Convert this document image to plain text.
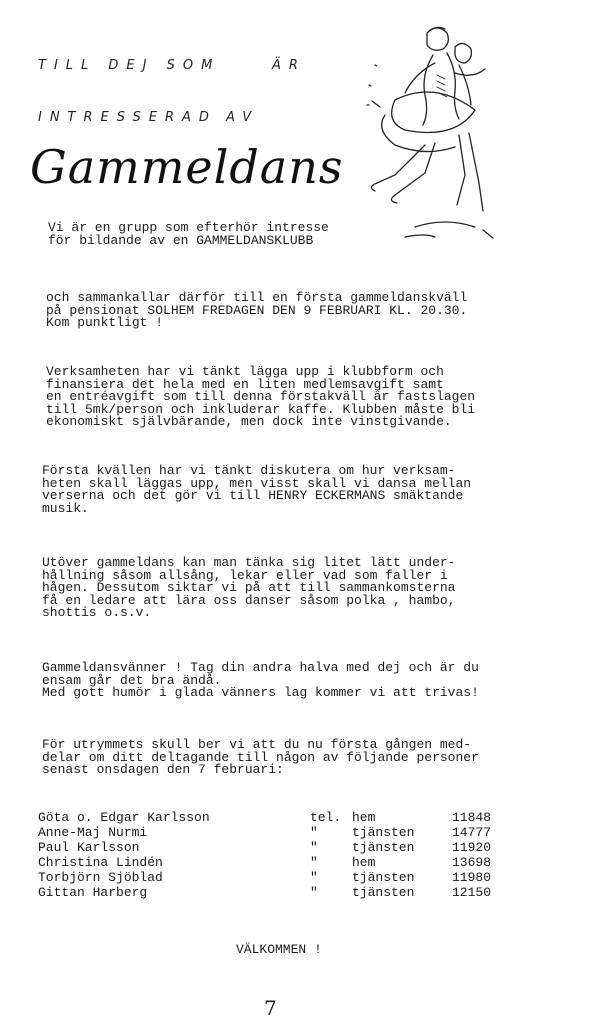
TILL DEJ SOM	ÄR
INTRESSERAD AV
Gammeldans
Vi är en grupp som efterhör intresse
för bildande av en GAMMELDANSKLUBB
och sammankallar därför till en första gammeldanskväll
på pensionat SOLHEM FREDAGEN DEN 9 FEBRUARI KL. 20.30.
Kom punktligt !
Verksamheten har vi tänkt lägga upp i klubbform och
finansiera det hela med en liten medlemsavgift samt
en entréavgift som till denna förstakväll är fastslagen
till 5mk/person och inkluderar kaffe. Klubben måste bli
ekonomiskt självbärande, men dock inte vinstgivande.
Första kvällen har vi tänkt diskutera om hur verksam-
heten skall läggas upp, men visst skall vi dansa mellan
verserna och det gör vi till HENRY ECKERMANS smäktande
musik.
Utöver gammeldans kan man tänka sig litet lätt under-
hållning såsom allsång, lekar eller vad som faller i
hågen. Dessutom siktar vi på att till sammankomsterna
få en ledare att lära oss danser såsom polka , hambo,
shottis o.s.v.
Gammeldansvänner ! Tag din andra halva med dej och är du
ensam går det bra ändå.
Med gott humör i glada vänners lag kommer vi att trivas!
För utrymmets skull ber vi att du nu första gången med-
delar om ditt deltagande till någon av följande personer
senast onsdagen den 7 februari:
Göta o. Edgar Karlsson	tel. hem	11848
Anne-Maj Nurmi	"	tjänsten	14777
Paul Karlsson	"	tjänsten	11920
Christina Lindén	"	hem	13698
Torbjörn Sjöblad	"	tjänsten	11980
Gittan Harberg	"	tjänsten	12150
VÄLKOMMEN !
7
